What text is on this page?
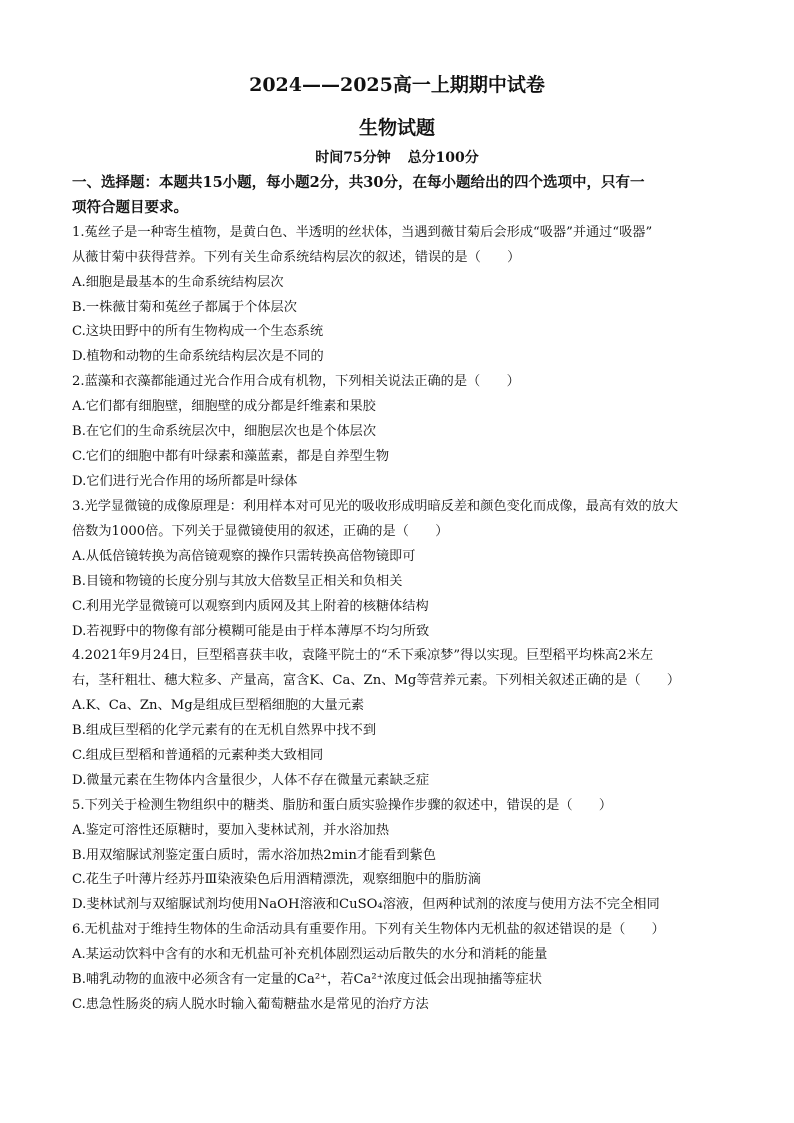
2024——2025高一上期期中试卷
生物试题
时间75分钟 总分100分
一、选择题：本题共15小题，每小题2分，共30分，在每小题给出的四个选项中，只有一
项符合题目要求。
1.菟丝子是一种寄生植物，是黄白色、半透明的丝状体，当遇到薇甘菊后会形成“吸器”并通过“吸器”
从薇甘菊中获得营养。下列有关生命系统结构层次的叙述，错误的是（　　）
A.细胞是最基本的生命系统结构层次
B.一株薇甘菊和菟丝子都属于个体层次
C.这块田野中的所有生物构成一个生态系统
D.植物和动物的生命系统结构层次是不同的
2.蓝藻和衣藻都能通过光合作用合成有机物，下列相关说法正确的是（　　）
A.它们都有细胞壁，细胞壁的成分都是纤维素和果胶
B.在它们的生命系统层次中，细胞层次也是个体层次
C.它们的细胞中都有叶绿素和藻蓝素，都是自养型生物
D.它们进行光合作用的场所都是叶绿体
3.光学显微镜的成像原理是：利用样本对可见光的吸收形成明暗反差和颜色变化而成像，最高有效的放大
倍数为1000倍。下列关于显微镜使用的叙述，正确的是（　　）
A.从低倍镜转换为高倍镜观察的操作只需转换高倍物镜即可
B.目镜和物镜的长度分别与其放大倍数呈正相关和负相关
C.利用光学显微镜可以观察到内质网及其上附着的核糖体结构
D.若视野中的物像有部分模糊可能是由于样本薄厚不均匀所致
4.2021年9月24日，巨型稻喜获丰收，袁隆平院士的“禾下乘凉梦”得以实现。巨型稻平均株高2米左
右，茎秆粗壮、穗大粒多、产量高，富含K、Ca、Zn、Mg等营养元素。下列相关叙述正确的是（　　）
A.K、Ca、Zn、Mg是组成巨型稻细胞的大量元素
B.组成巨型稻的化学元素有的在无机自然界中找不到
C.组成巨型稻和普通稻的元素种类大致相同
D.微量元素在生物体内含量很少，人体不存在微量元素缺乏症
5.下列关于检测生物组织中的糖类、脂肪和蛋白质实验操作步骤的叙述中，错误的是（　　）
A.鉴定可溶性还原糖时，要加入斐林试剂，并水浴加热
B.用双缩脲试剂鉴定蛋白质时，需水浴加热2min才能看到紫色
C.花生子叶薄片经苏丹Ⅲ染液染色后用酒精漂洗，观察细胞中的脂肪滴
D.斐林试剂与双缩脲试剂均使用NaOH溶液和CuSO₄溶液，但两种试剂的浓度与使用方法不完全相同
6.无机盐对于维持生物体的生命活动具有重要作用。下列有关生物体内无机盐的叙述错误的是（　　）
A.某运动饮料中含有的水和无机盐可补充机体剧烈运动后散失的水分和消耗的能量
B.哺乳动物的血液中必须含有一定量的Ca²⁺，若Ca²⁺浓度过低会出现抽搐等症状
C.患急性肠炎的病人脱水时输入葡萄糖盐水是常见的治疗方法
